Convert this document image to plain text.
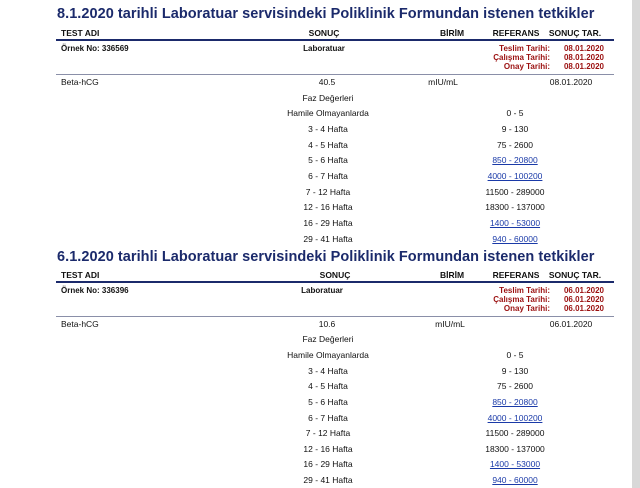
8.1.2020 tarihli Laboratuar servisindeki Poliklinik Formundan istenen tetkikler
TEST ADI	SONUÇ	BİRİM	REFERANS SONUÇ TAR.
Örnek No: 336569	Laboratuar	Teslim Tarihi: 08.01.2020
Çalışma Tarihi: 08.01.2020
Onay Tarihi: 08.01.2020
Beta-hCG	40.5	mIU/mL	08.01.2020
Faz Değerleri
Hamile Olmayanlarda	0 - 5
3 - 4 Hafta	9 - 130
4 - 5 Hafta	75 - 2600
5 - 6 Hafta	850 - 20800
6 - 7 Hafta	4000 - 100200
7 - 12 Hafta	11500 - 289000
12 - 16 Hafta	18300 - 137000
16 - 29 Hafta	1400 - 53000
29 - 41 Hafta	940 - 60000
6.1.2020 tarihli Laboratuar servisindeki Poliklinik Formundan istenen tetkikler
TEST ADI	SONUÇ	BİRİM	REFERANS SONUÇ TAR.
Örnek No: 336396	Laboratuar	Teslim Tarihi: 06.01.2020
Çalışma Tarihi: 06.01.2020
Onay Tarihi: 06.01.2020
Beta-hCG	10.6	mIU/mL	06.01.2020
Faz Değerleri
Hamile Olmayanlarda	0 - 5
3 - 4 Hafta	9 - 130
4 - 5 Hafta	75 - 2600
5 - 6 Hafta	850 - 20800
6 - 7 Hafta	4000 - 100200
7 - 12 Hafta	11500 - 289000
12 - 16 Hafta	18300 - 137000
16 - 29 Hafta	1400 - 53000
29 - 41 Hafta	940 - 60000
